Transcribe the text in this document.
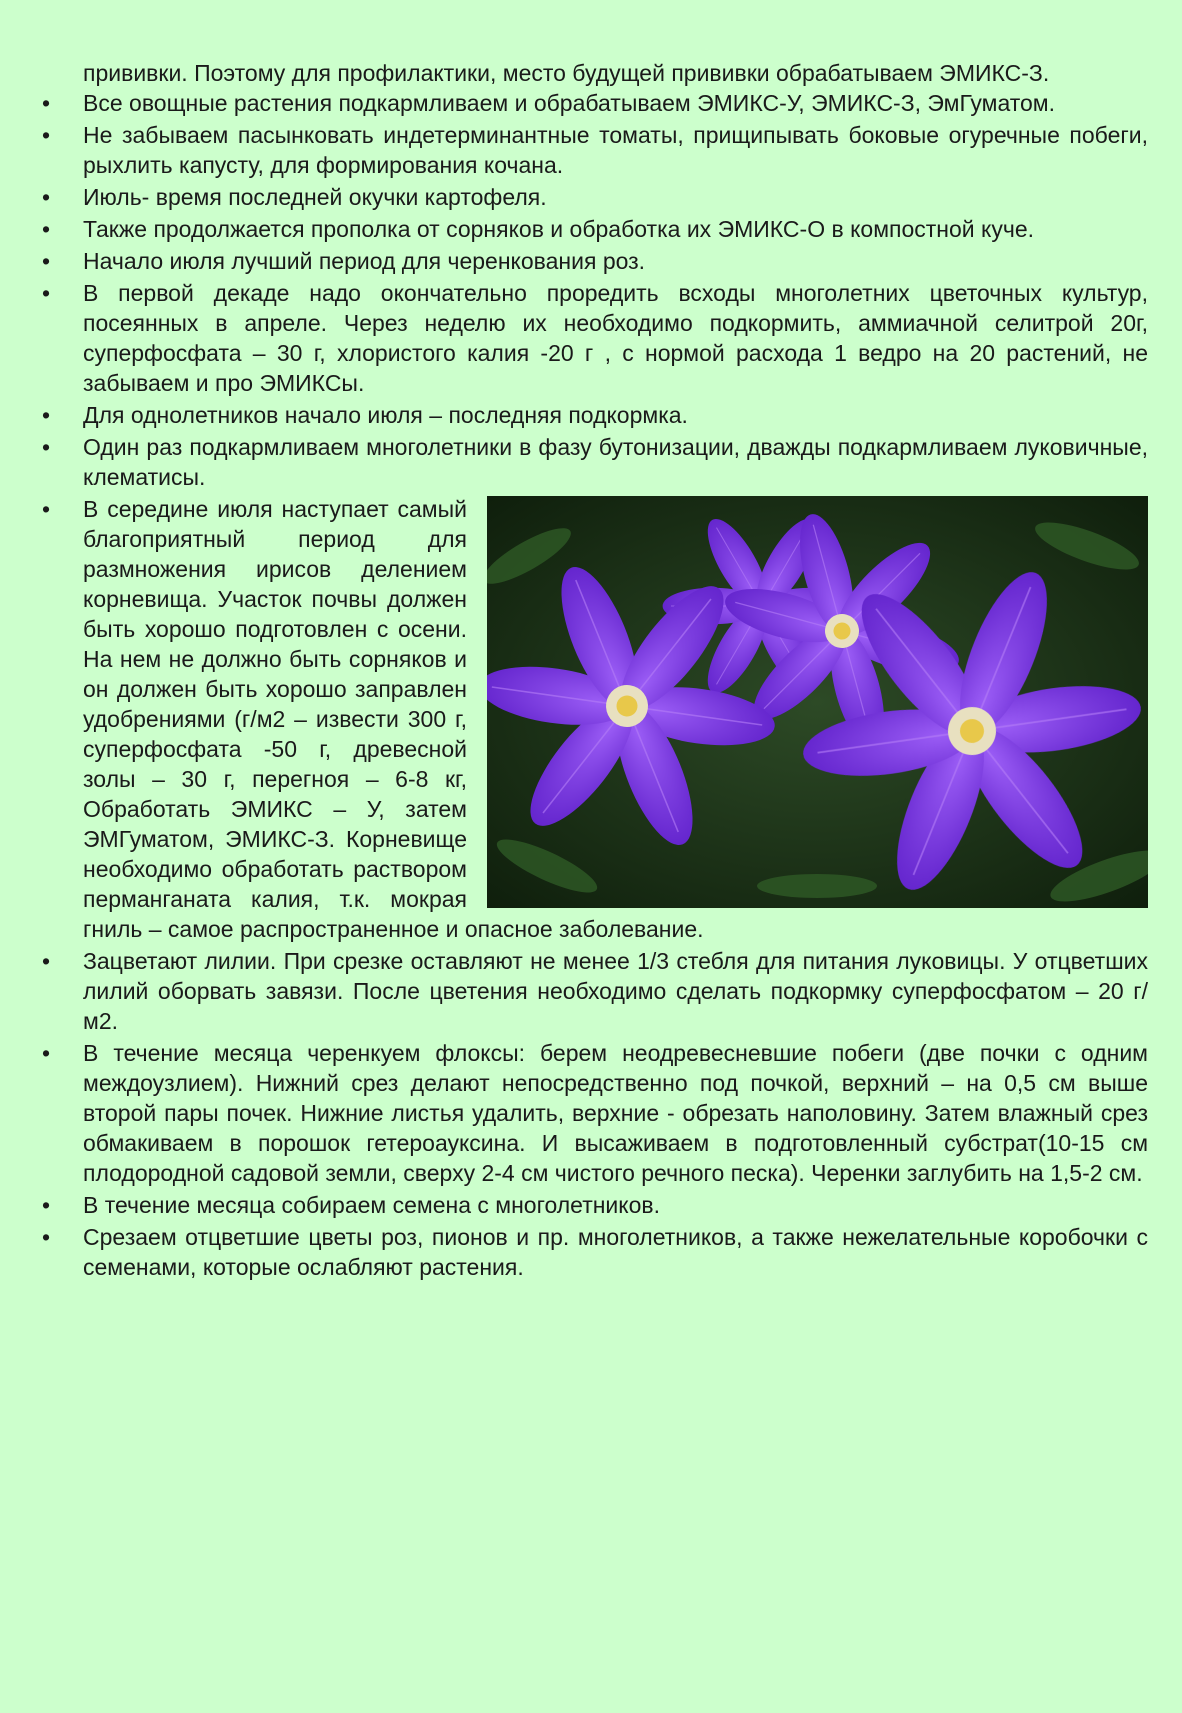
прививки. Поэтому для профилактики, место будущей прививки обрабатываем ЭМИКС-З.

• Все овощные растения подкармливаем и обрабатываем ЭМИКС-У, ЭМИКС-З, ЭмГуматом.
• Не забываем пасынковать индетерминантные томаты, прищипывать боковые огуречные побеги, рыхлить капусту, для формирования кочана.
• Июль- время последней окучки картофеля.
• Также продолжается прополка от сорняков и обработка их ЭМИКС-О в компостной куче.
• Начало июля лучший период для черенкования роз.
• В первой декаде надо окончательно проредить всходы многолетних цветочных культур, посеянных в апреле. Через неделю их необходимо подкормить, аммиачной селитрой 20г, суперфосфата – 30 г, хлористого калия -20 г , с нормой расхода 1 ведро на 20 растений, не забываем и про ЭМИКСы.
• Для однолетников начало июля – последняя подкормка.
• Один раз подкармливаем многолетники в фазу бутонизации, дважды подкармливаем луковичные, клематисы.
• В середине июля наступает самый благоприятный период для размножения ирисов делением корневища. Участок почвы должен быть хорошо подготовлен с осени. На нем не должно быть сорняков и он должен быть хорошо заправлен удобрениями (г/м2 – извести 300 г, суперфосфата -50 г, древесной золы – 30 г, перегноя – 6-8 кг, Обработать ЭМИКС – У, затем ЭМГуматом, ЭМИКС-З. Корневище необходимо обработать раствором перманганата калия, т.к. мокрая гниль – самое распространенное и опасное заболевание.
• Зацветают лилии. При срезке оставляют не менее 1/3 стебля для питания луковицы. У отцветших лилий оборвать завязи. После цветения необходимо сделать подкормку суперфосфатом – 20 г/м2.
• В течение месяца черенкуем флоксы: берем неодревесневшие побеги (две почки с одним междоузлием). Нижний срез делают непосредственно под почкой, верхний – на 0,5 см выше второй пары почек. Нижние листья удалить, верхние - обрезать наполовину. Затем влажный срез обмакиваем в порошок гетероауксина. И высаживаем в подготовленный субстрат(10-15 см плодородной садовой земли, сверху 2-4 см чистого речного песка). Черенки заглубить на 1,5-2 см.
• В течение месяца собираем семена с многолетников.
• Срезаем отцветшие цветы роз, пионов и пр. многолетников, а также нежелательные коробочки с семенами, которые ослабляют растения.
